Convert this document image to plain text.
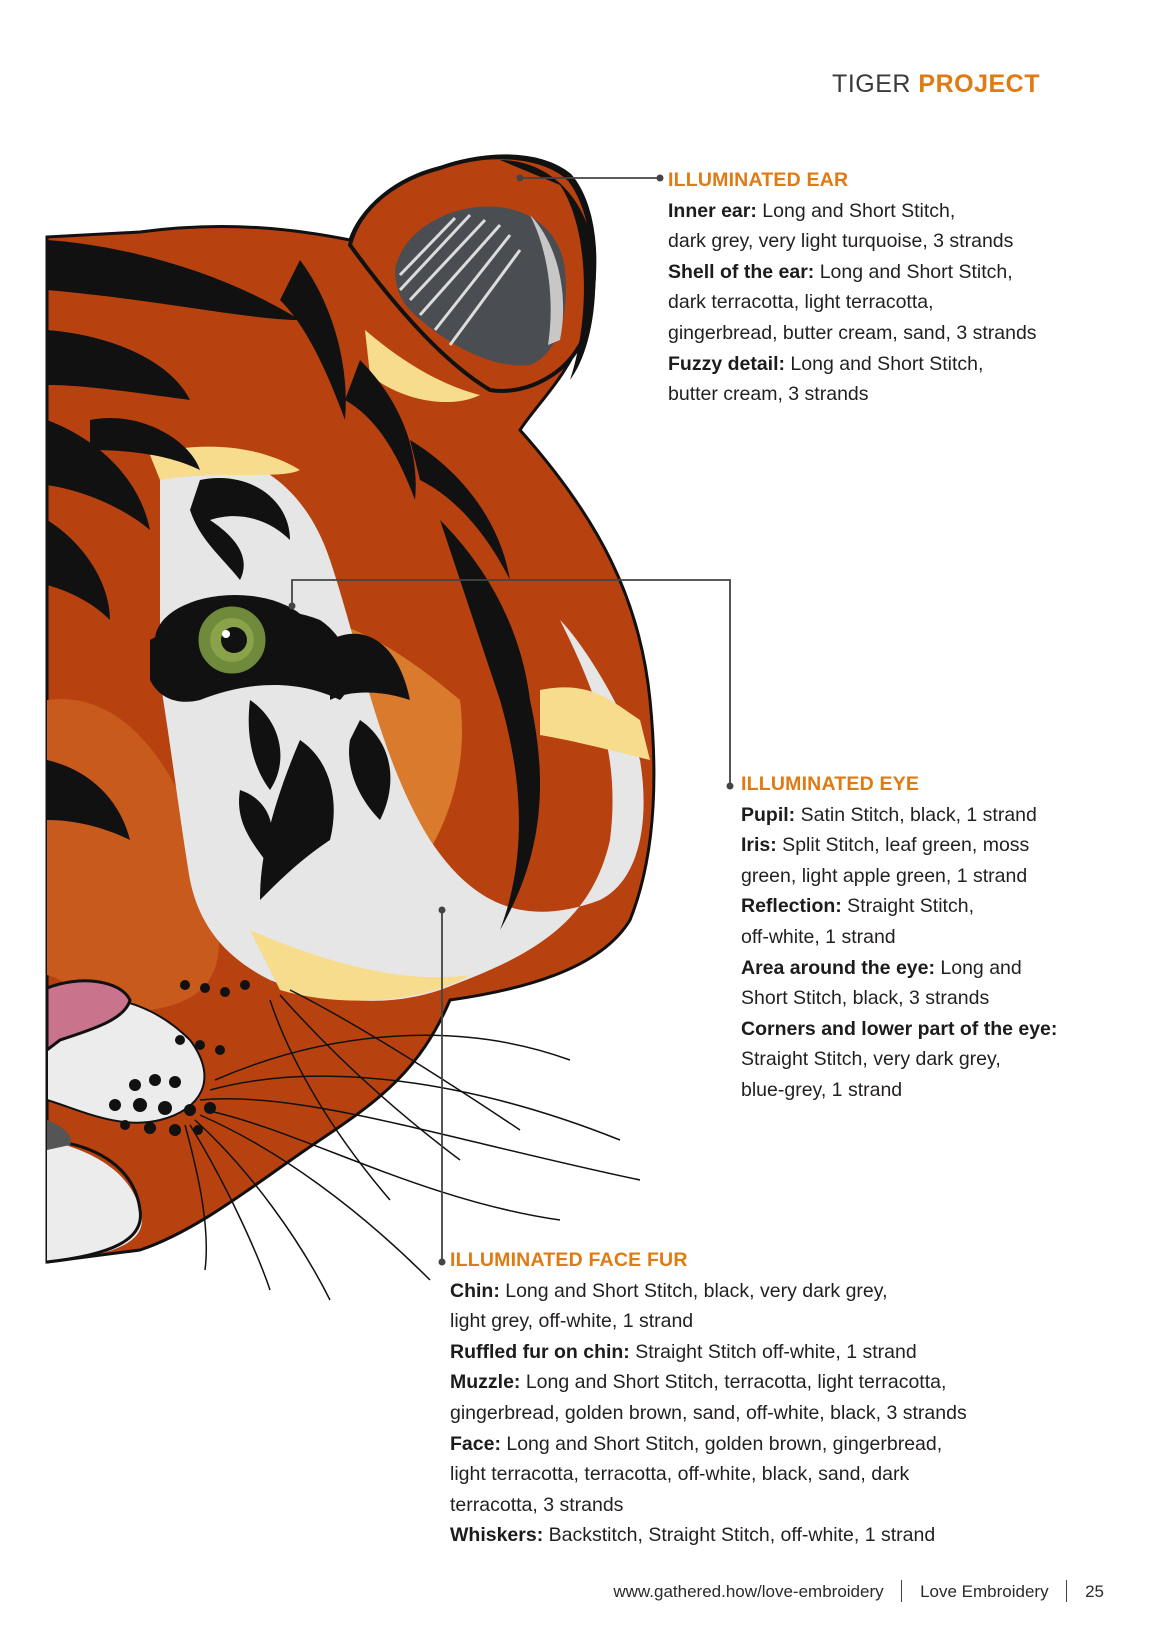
TIGER PROJECT
ILLUMINATED EAR
Inner ear: Long and Short Stitch,
dark grey, very light turquoise, 3 strands
Shell of the ear: Long and Short Stitch,
dark terracotta, light terracotta,
gingerbread, butter cream, sand, 3 strands
Fuzzy detail: Long and Short Stitch,
butter cream, 3 strands
ILLUMINATED EYE
Pupil: Satin Stitch, black, 1 strand
Iris: Split Stitch, leaf green, moss
green, light apple green, 1 strand
Reflection: Straight Stitch,
off-white, 1 strand
Area around the eye: Long and
Short Stitch, black, 3 strands
Corners and lower part of the eye:
Straight Stitch, very dark grey,
blue-grey, 1 strand
ILLUMINATED FACE FUR
Chin: Long and Short Stitch, black, very dark grey,
light grey, off-white, 1 strand
Ruffled fur on chin: Straight Stitch off-white, 1 strand
Muzzle: Long and Short Stitch, terracotta, light terracotta,
gingerbread, golden brown, sand, off-white, black, 3 strands
Face: Long and Short Stitch, golden brown, gingerbread,
light terracotta, terracotta, off-white, black, sand, dark
terracotta, 3 strands
Whiskers: Backstitch, Straight Stitch, off-white, 1 strand
www.gathered.how/love-embroidery Love Embroidery 25
